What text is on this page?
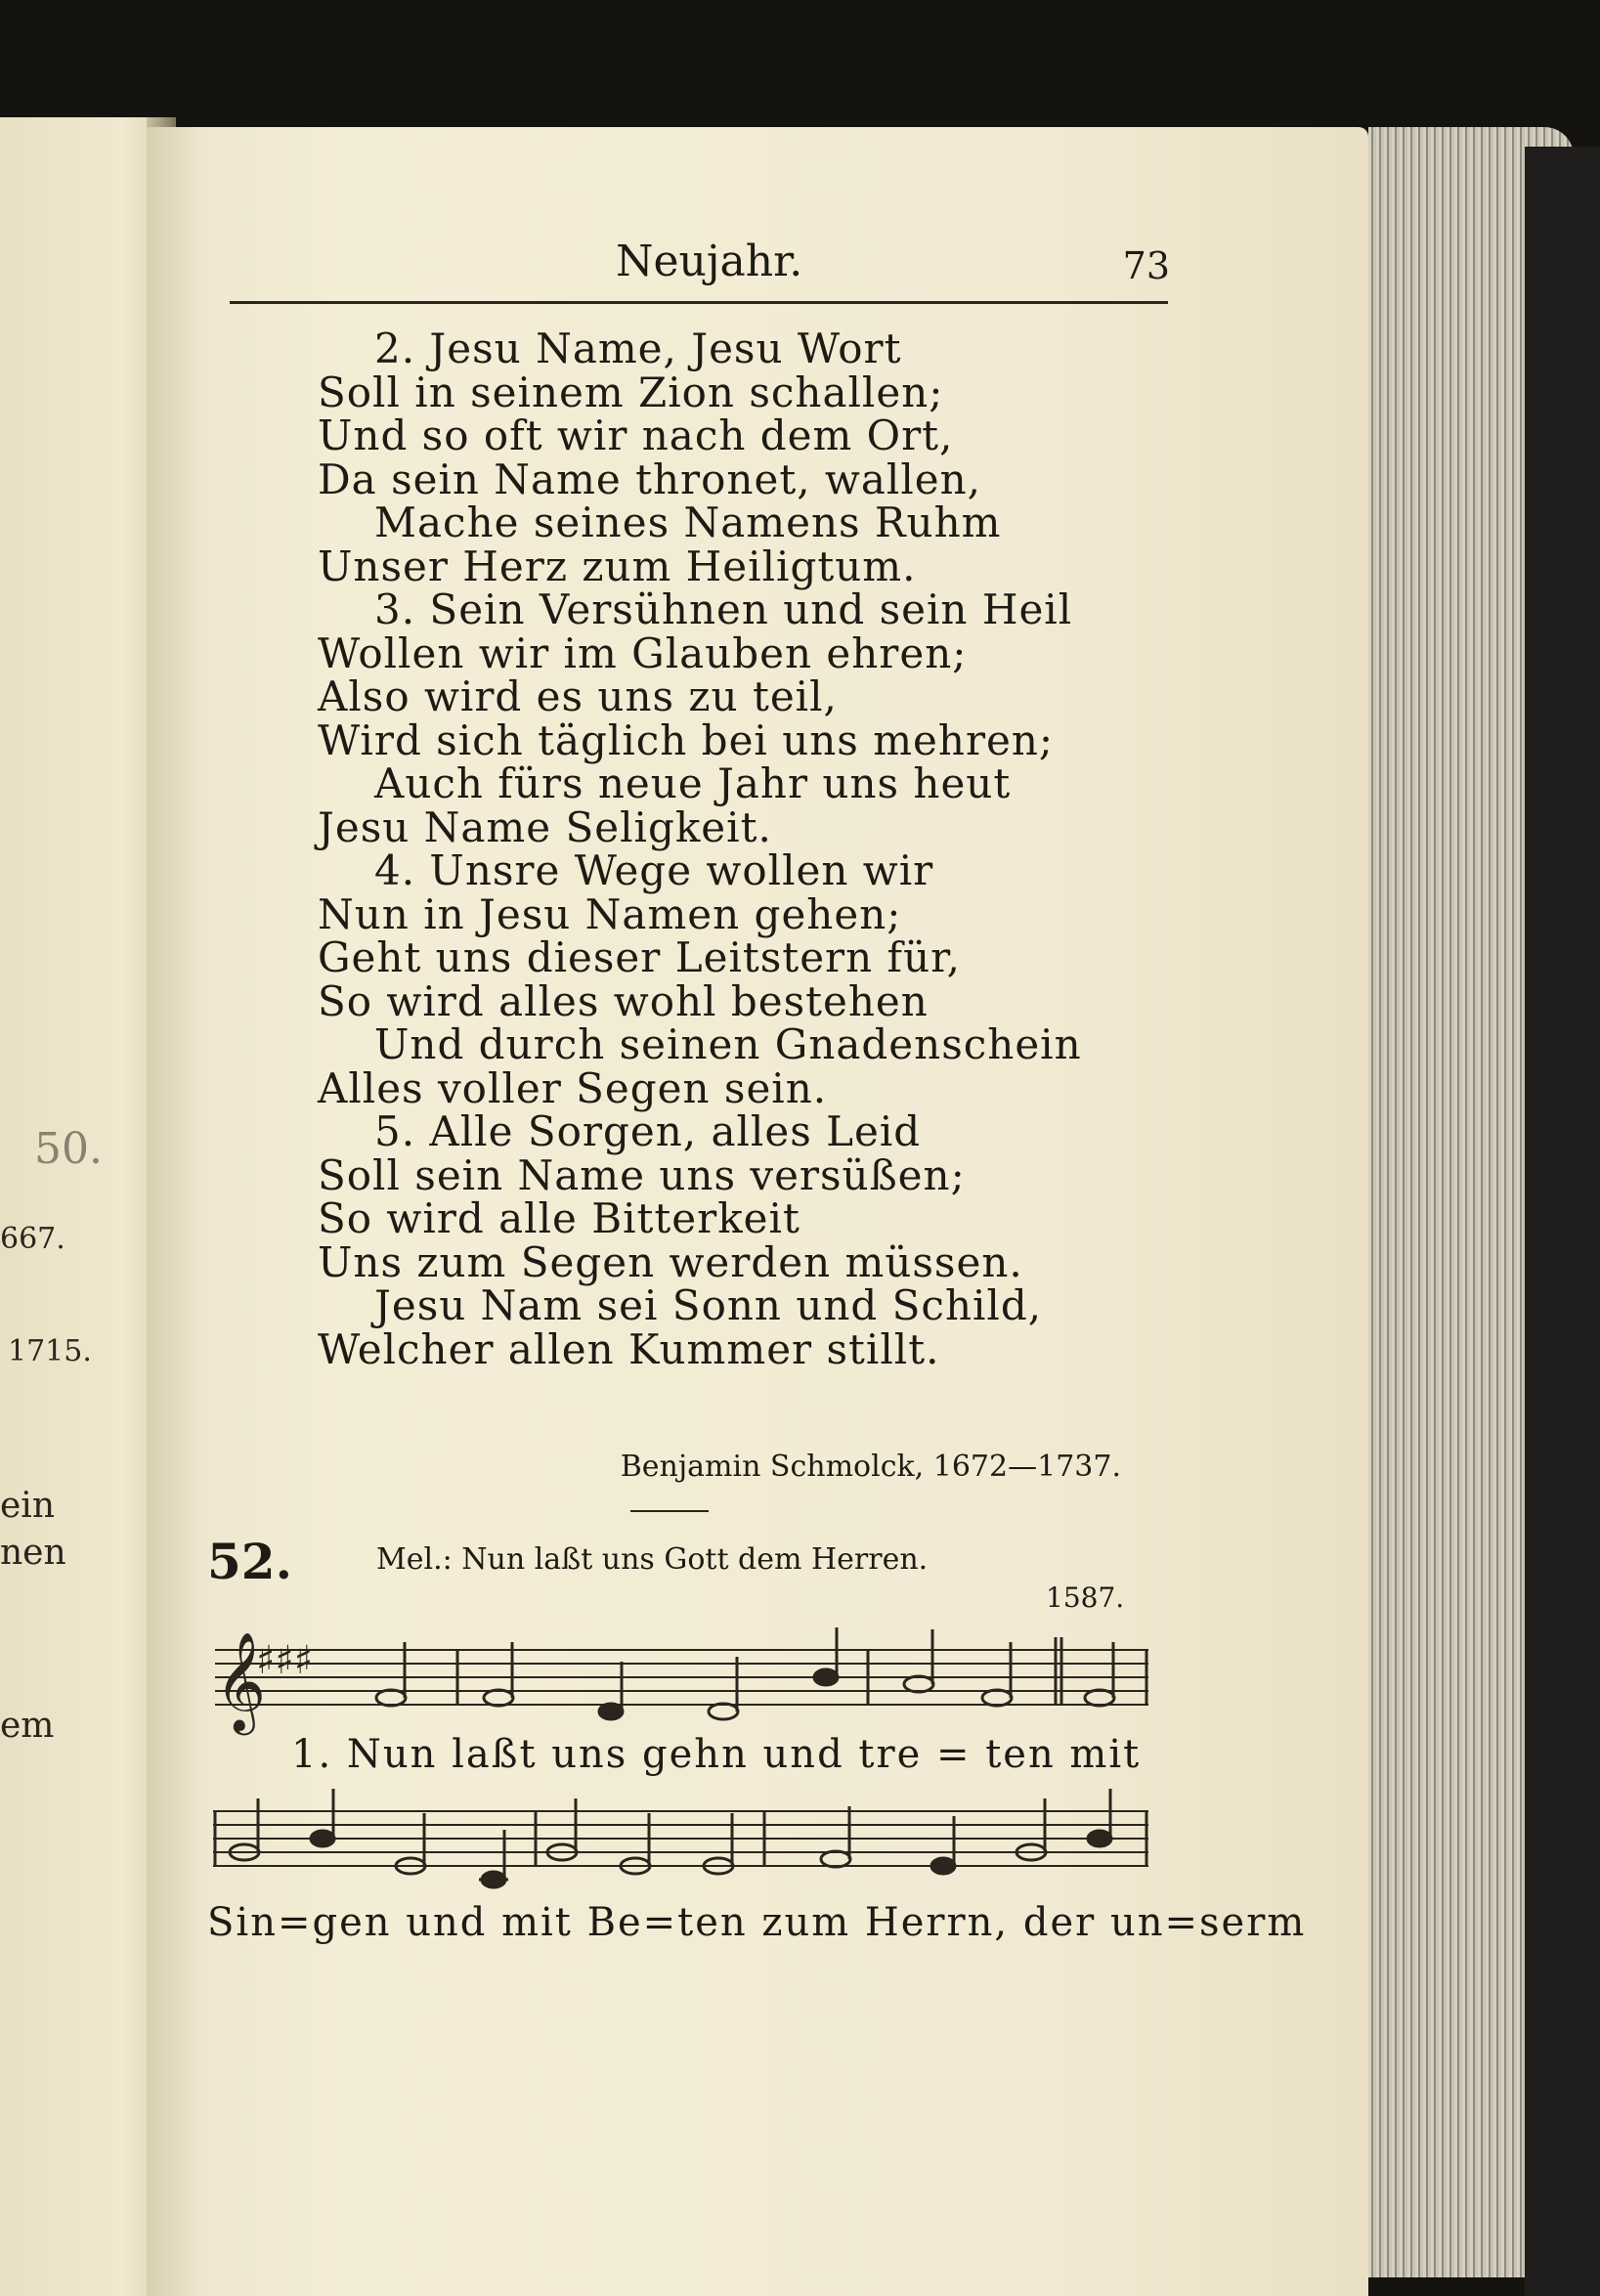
50.
667.
1715.
ein
nen
em
Neujahr.	73
2. Jesu Name, Jesu Wort
Soll in seinem Zion schallen;
Und so oft wir nach dem Ort,
Da sein Name thronet, wallen,
Mache seines Namens Ruhm
Unser Herz zum Heiligtum.
3. Sein Versühnen und sein Heil
Wollen wir im Glauben ehren;
Also wird es uns zu teil,
Wird sich täglich bei uns mehren;
Auch fürs neue Jahr uns heut
Jesu Name Seligkeit.
4. Unsre Wege wollen wir
Nun in Jesu Namen gehen;
Geht uns dieser Leitstern für,
So wird alles wohl bestehen
Und durch seinen Gnadenschein
Alles voller Segen sein.
5. Alle Sorgen, alles Leid
Soll sein Name uns versüßen;
So wird alle Bitterkeit
Uns zum Segen werden müssen.
Jesu Nam sei Sonn und Schild,
Welcher allen Kummer stillt.
Benjamin Schmolck, 1672—1737.
52.	Mel.: Nun laßt uns Gott dem Herren.
1587.
𝄞
♯♯♯
1. Nun laßt uns gehn und tre = ten mit
Sin=gen und mit Be=ten zum Herrn, der un=serm
